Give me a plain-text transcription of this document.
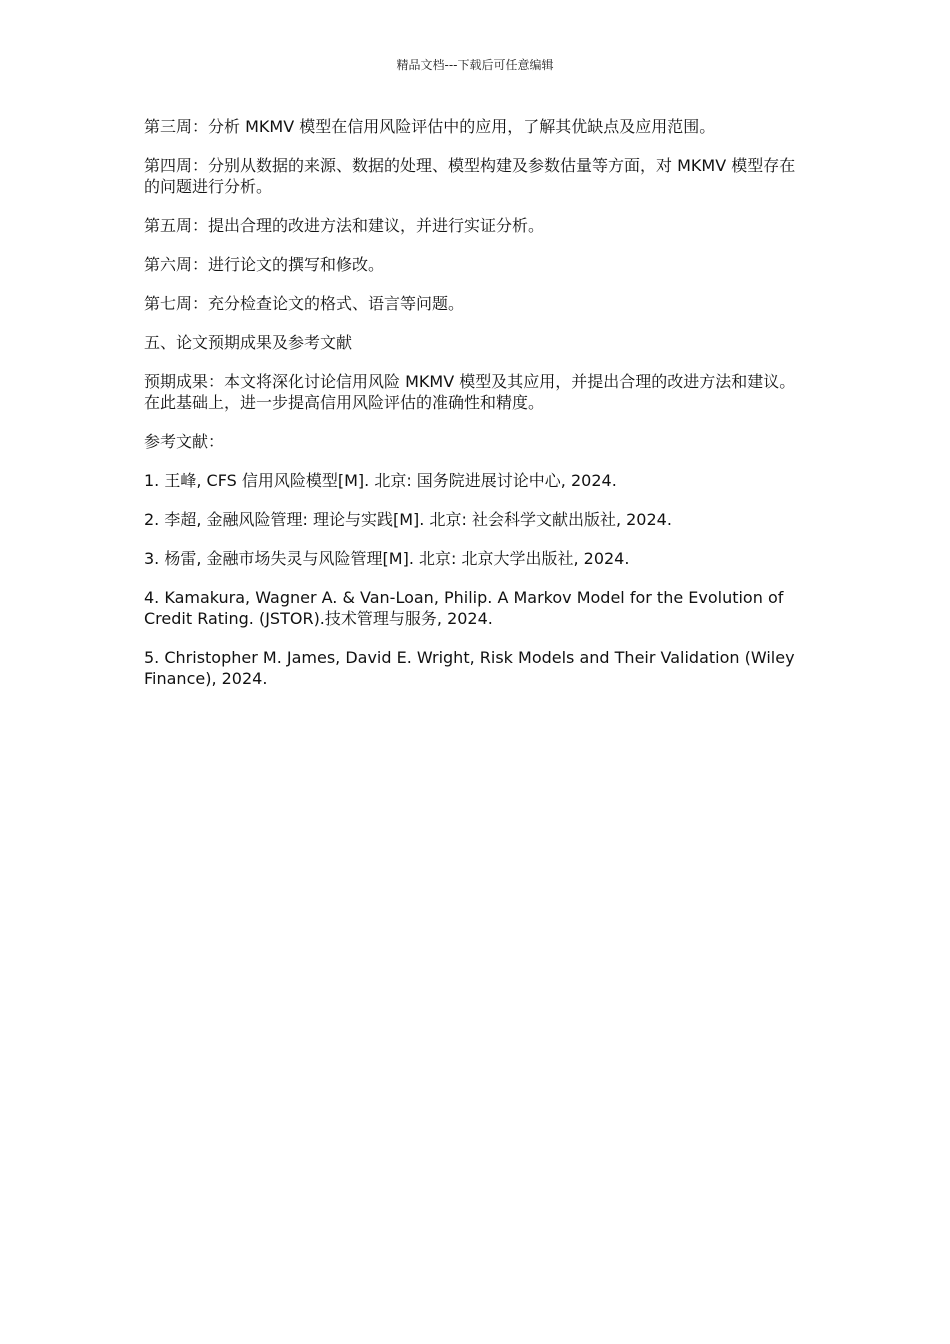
精品文档---下载后可任意编辑

第三周：分析 MKMV 模型在信用风险评估中的应用，了解其优缺点及应用范围。

第四周：分别从数据的来源、数据的处理、模型构建及参数估量等方面，对 MKMV 模型存在的问题进行分析。

第五周：提出合理的改进方法和建议，并进行实证分析。

第六周：进行论文的撰写和修改。

第七周：充分检查论文的格式、语言等问题。

五、论文预期成果及参考文献

预期成果：本文将深化讨论信用风险 MKMV 模型及其应用，并提出合理的改进方法和建议。在此基础上，进一步提高信用风险评估的准确性和精度。

参考文献：

1. 王峰, CFS 信用风险模型[M]. 北京: 国务院进展讨论中心, 2024.

2. 李超, 金融风险管理: 理论与实践[M]. 北京: 社会科学文献出版社, 2024.

3. 杨雷, 金融市场失灵与风险管理[M]. 北京: 北京大学出版社, 2024.

4. Kamakura, Wagner A. & Van-Loan, Philip. A Markov Model for the Evolution of Credit Rating. (JSTOR).技术管理与服务, 2024.

5. Christopher M. James, David E. Wright, Risk Models and Their Validation (Wiley Finance), 2024.
